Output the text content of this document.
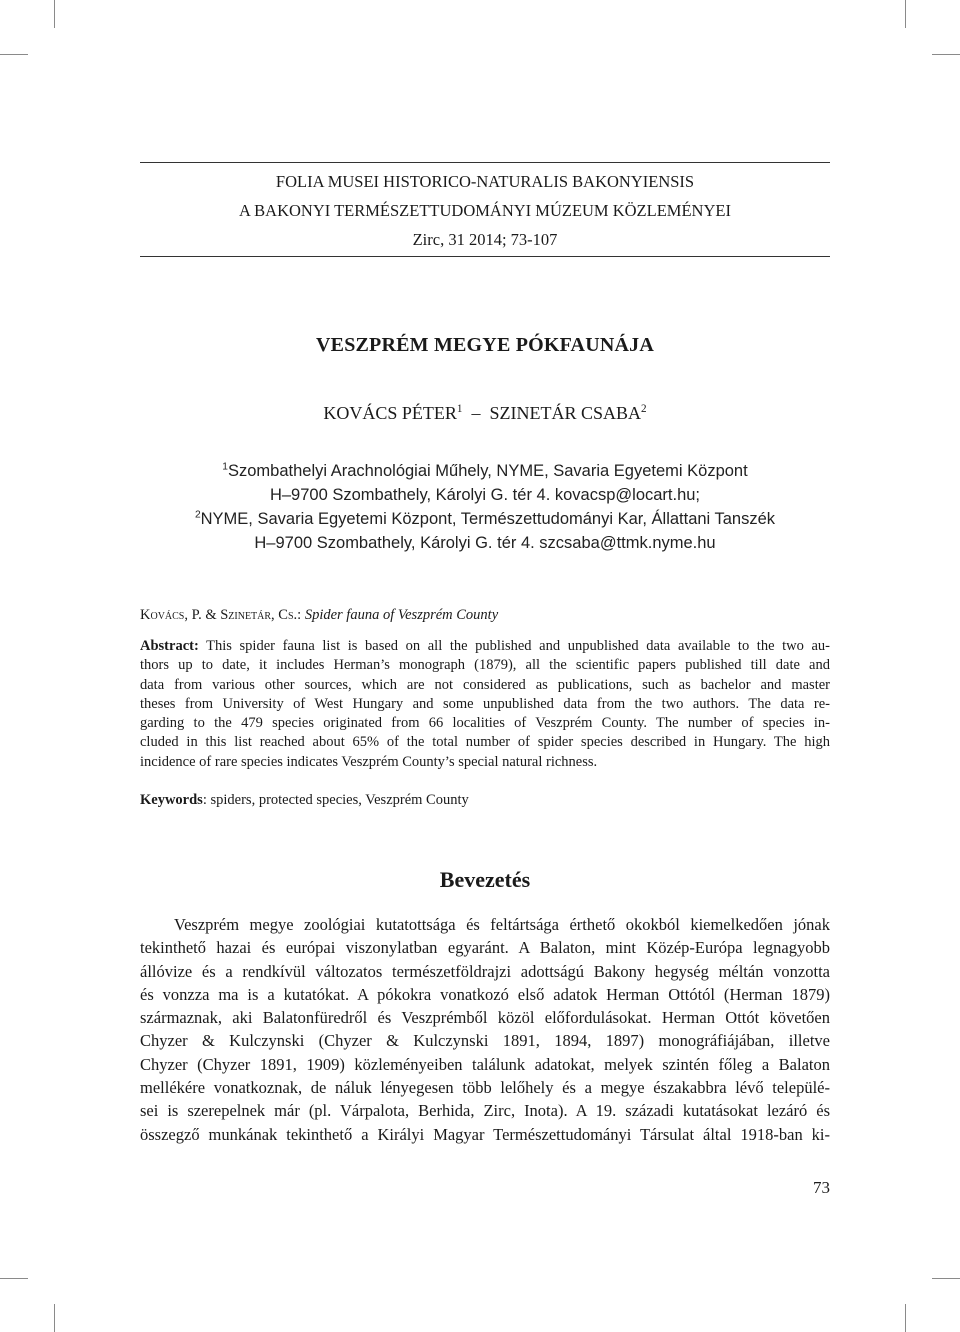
FOLIA MUSEI HISTORICO-NATURALIS BAKONYIENSIS
A BAKONYI TERMÉSZETTUDOMÁNYI MÚZEUM KÖZLEMÉNYEI
Zirc, 31 2014; 73-107
VESZPRÉM MEGYE PÓKFAUNÁJA
KOVÁCS PÉTER$^1$ – SZINETÁR CSABA$^2$
$^1$Szombathelyi Arachnológiai Műhely, NYME, Savaria Egyetemi Központ
H–9700 Szombathely, Károlyi G. tér 4. kovacsp@locart.hu;
$^2$NYME, Savaria Egyetemi Központ, Természettudományi Kar, Állattani Tanszék
H–9700 Szombathely, Károlyi G. tér 4. szcsaba@ttmk.nyme.hu
Kovács, P. & Szinetár, Cs.: Spider fauna of Veszprém County
Abstract: This spider fauna list is based on all the published and unpublished data available to the two au-
thors up to date, it includes Herman’s monograph (1879), all the scientific papers published till date and
data from various other sources, which are not considered as publications, such as bachelor and master
theses from University of West Hungary and some unpublished data from the two authors. The data re-
garding to the 479 species originated from 66 localities of Veszprém County. The number of species in-
cluded in this list reached about 65% of the total number of spider species described in Hungary. The high
incidence of rare species indicates Veszprém County’s special natural richness.
Keywords: spiders, protected species, Veszprém County
Bevezetés
Veszprém megye zoológiai kutatottsága és feltártsága érthető okokból kiemelkedően jónak
tekinthető hazai és európai viszonylatban egyaránt. A Balaton, mint Közép-Európa legnagyobb
állóvize és a rendkívül változatos természetföldrajzi adottságú Bakony hegység méltán vonzotta
és vonzza ma is a kutatókat. A pókokra vonatkozó első adatok Herman Ottótól (Herman 1879)
származnak, aki Balatonfüredről és Veszprémből közöl előfordulásokat. Herman Ottót követően
Chyzer & Kulczynski (Chyzer & Kulczynski 1891, 1894, 1897) monográfiájában, illetve
Chyzer (Chyzer 1891, 1909) közleményeiben találunk adatokat, melyek szintén főleg a Balaton
mellékére vonatkoznak, de náluk lényegesen több lelőhely és a megye északabbra lévő települé-
sei is szerepelnek már (pl. Várpalota, Berhida, Zirc, Inota). A 19. századi kutatásokat lezáró és
összegző munkának tekinthető a Királyi Magyar Természettudományi Társulat által 1918-ban ki-
73
